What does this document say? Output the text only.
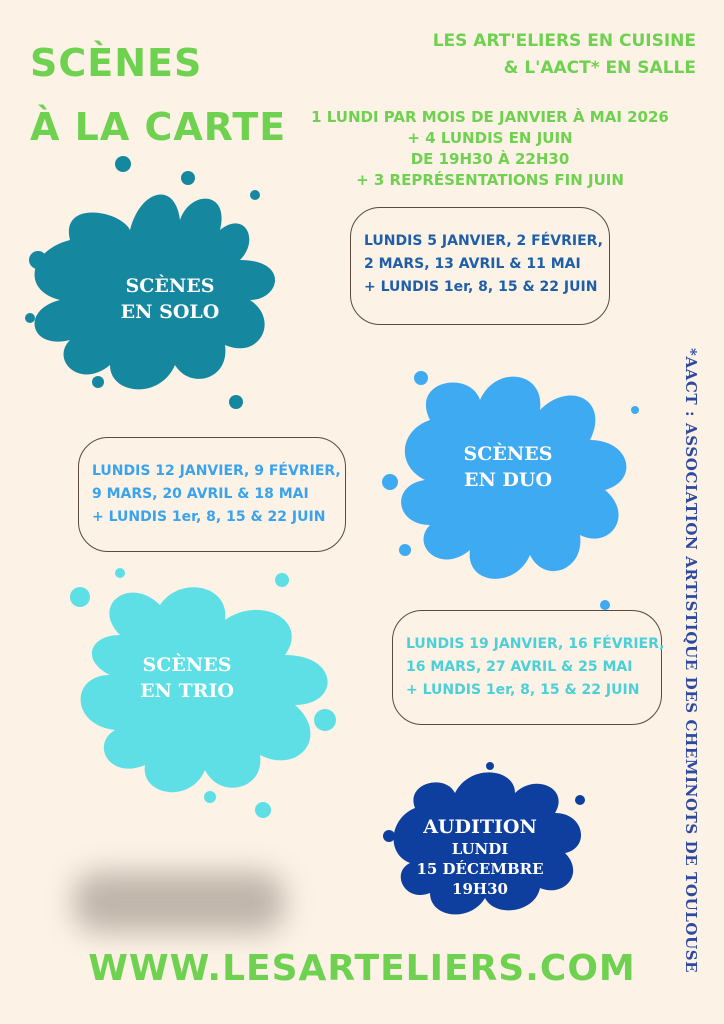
SCÈNES
À LA CARTE
LES ART'ELIERS EN CUISINE
& L'AACT* EN SALLE
1 LUNDI PAR MOIS DE JANVIER À MAI 2026
+ 4 LUNDIS EN JUIN
DE 19H30 À 22H30
+ 3 REPRÉSENTATIONS FIN JUIN
SCÈNES
EN SOLO
LUNDIS 5 JANVIER, 2 FÉVRIER,
2 MARS, 13 AVRIL & 11 MAI
+ LUNDIS 1er, 8, 15 & 22 JUIN
SCÈNES
EN DUO
LUNDIS 12 JANVIER, 9 FÉVRIER,
9 MARS, 20 AVRIL & 18 MAI
+ LUNDIS 1er, 8, 15 & 22 JUIN
SCÈNES
EN TRIO
LUNDIS 19 JANVIER, 16 FÉVRIER,
16 MARS, 27 AVRIL & 25 MAI
+ LUNDIS 1er, 8, 15 & 22 JUIN
AUDITION
LUNDI
15 DÉCEMBRE
19H30	*AACT : ASSOCIATION ARTISTIQUE DES CHEMINOTS DE TOULOUSE
WWW.LESARTELIERS.COM
